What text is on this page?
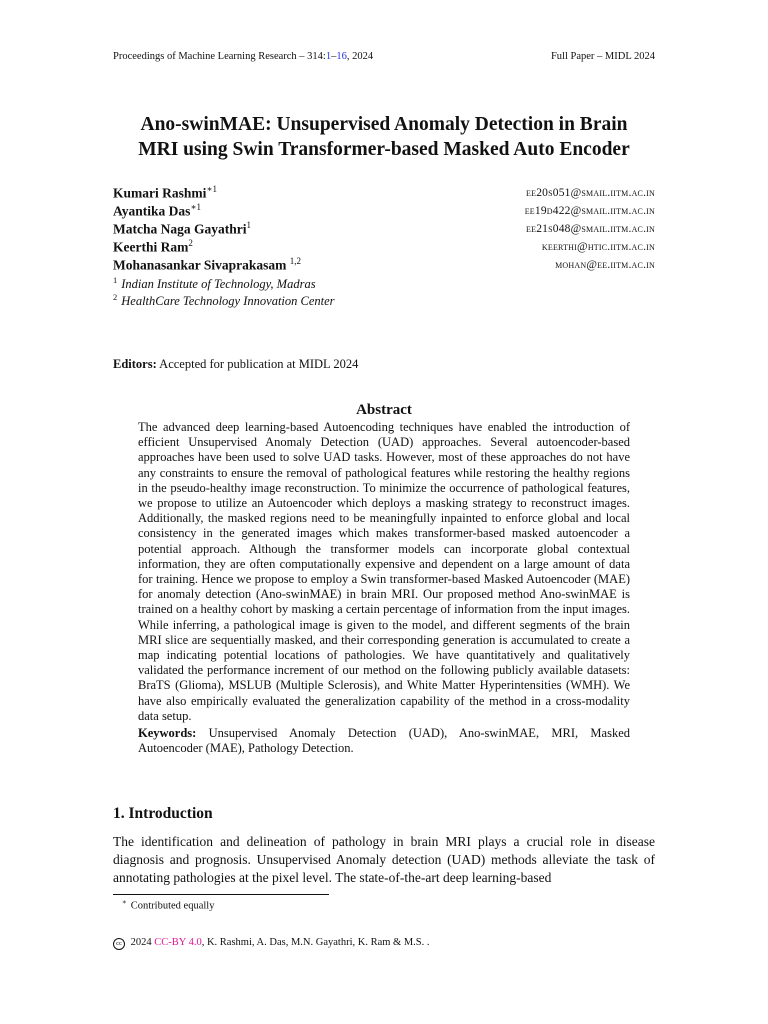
Proceedings of Machine Learning Research – 314:1–16, 2024	Full Paper – MIDL 2024
Ano-swinMAE: Unsupervised Anomaly Detection in Brain
MRI using Swin Transformer-based Masked Auto Encoder
Kumari Rashmi$^{∗1}$	ee20s051@smail.iitm.ac.in
Ayantika Das$^{∗1}$	ee19d422@smail.iitm.ac.in
Matcha Naga Gayathri$^1$	ee21s048@smail.iitm.ac.in
Keerthi Ram$^2$	keerthi@htic.iitm.ac.in
Mohanasankar Sivaprakasam $^{1,2}$	mohan@ee.iitm.ac.in
$^1$ Indian Institute of Technology, Madras
$^2$ HealthCare Technology Innovation Center
Editors: Accepted for publication at MIDL 2024
Abstract
The advanced deep learning-based Autoencoding techniques have enabled the introduction of efficient Unsupervised Anomaly Detection (UAD) approaches. Several autoencoder-based approaches have been used to solve UAD tasks. However, most of these approaches do not have any constraints to ensure the removal of pathological features while restoring the healthy regions in the pseudo-healthy image reconstruction. To minimize the occurrence of pathological features, we propose to utilize an Autoencoder which deploys a masking strategy to reconstruct images. Additionally, the masked regions need to be meaningfully inpainted to enforce global and local consistency in the generated images which makes transformer-based masked autoencoder a potential approach. Although the transformer models can incorporate global contextual information, they are often computationally expensive and dependent on a large amount of data for training. Hence we propose to employ a Swin transformer-based Masked Autoencoder (MAE) for anomaly detection (Ano-swinMAE) in brain MRI. Our proposed method Ano-swinMAE is trained on a healthy cohort by masking a certain percentage of information from the input images. While inferring, a pathological image is given to the model, and different segments of the brain MRI slice are sequentially masked, and their corresponding generation is accumulated to create a map indicating potential locations of pathologies. We have quantitatively and qualitatively validated the performance increment of our method on the following publicly available datasets: BraTS (Glioma), MSLUB (Multiple Sclerosis), and White Matter Hyperintensities (WMH). We have also empirically evaluated the generalization capability of the method in a cross-modality data setup.
Keywords: Unsupervised Anomaly Detection (UAD), Ano-swinMAE, MRI, Masked Autoencoder (MAE), Pathology Detection.
1. Introduction
The identification and delineation of pathology in brain MRI plays a crucial role in disease diagnosis and prognosis. Unsupervised Anomaly detection (UAD) methods alleviate the task of annotating pathologies at the pixel level. The state-of-the-art deep learning-based
∗ Contributed equally
cc 2024 CC-BY 4.0, K. Rashmi, A. Das, M.N. Gayathri, K. Ram & M.S. .
